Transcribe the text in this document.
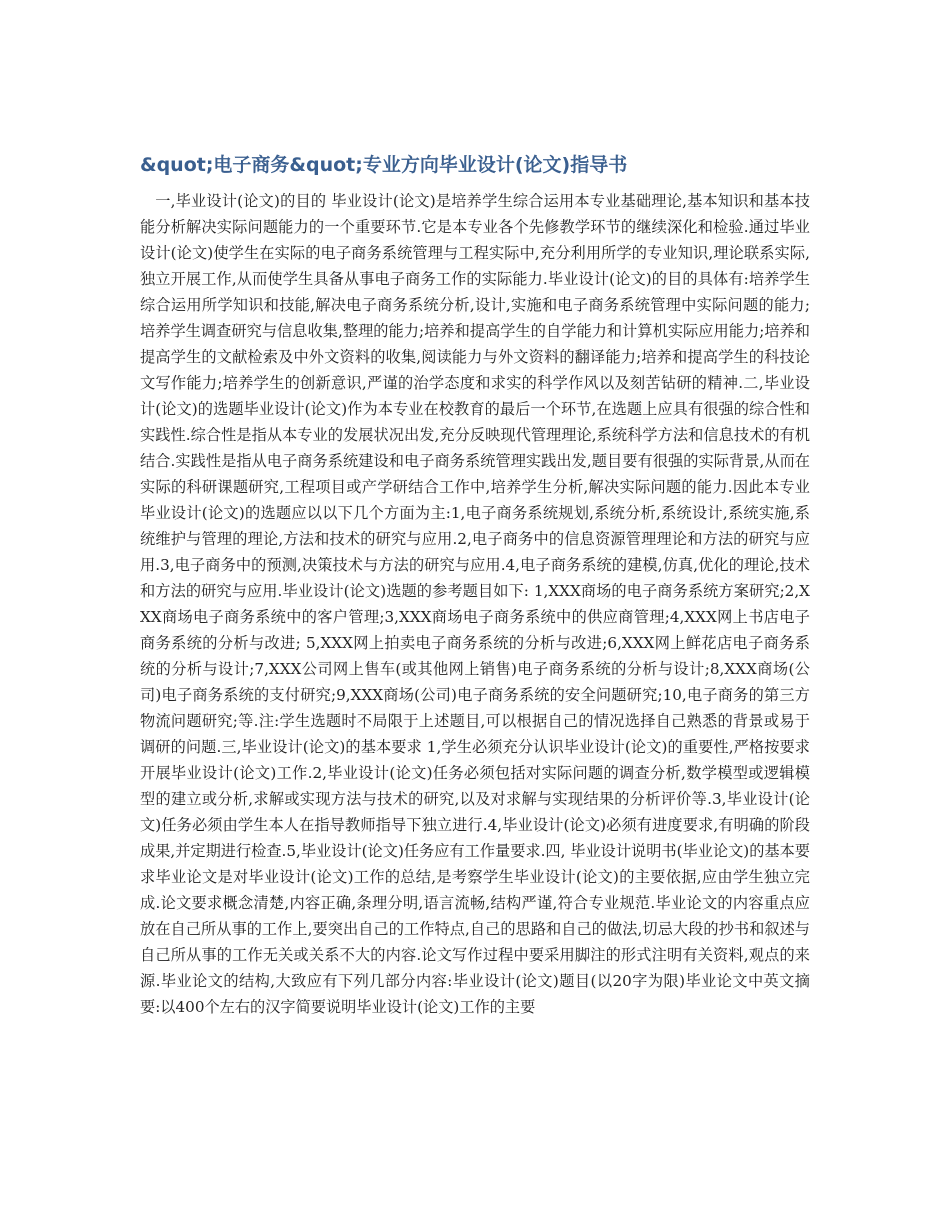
&quot;电子商务&quot;专业方向毕业设计(论文)指导书

一,毕业设计(论文)的目的 毕业设计(论文)是培养学生综合运用本专业基础理论,基本知识和基本技能分析解决实际问题能力的一个重要环节.它是本专业各个先修教学环节的继续深化和检验.通过毕业设计(论文)使学生在实际的电子商务系统管理与工程实际中,充分利用所学的专业知识,理论联系实际,独立开展工作,从而使学生具备从事电子商务工作的实际能力.毕业设计(论文)的目的具体有:培养学生综合运用所学知识和技能,解决电子商务系统分析,设计,实施和电子商务系统管理中实际问题的能力;培养学生调查研究与信息收集,整理的能力;培养和提高学生的自学能力和计算机实际应用能力;培养和提高学生的文献检索及中外文资料的收集,阅读能力与外文资料的翻译能力;培养和提高学生的科技论文写作能力;培养学生的创新意识,严谨的治学态度和求实的科学作风以及刻苦钻研的精神.二,毕业设计(论文)的选题毕业设计(论文)作为本专业在校教育的最后一个环节,在选题上应具有很强的综合性和实践性.综合性是指从本专业的发展状况出发,充分反映现代管理理论,系统科学方法和信息技术的有机结合.实践性是指从电子商务系统建设和电子商务系统管理实践出发,题目要有很强的实际背景,从而在实际的科研课题研究,工程项目或产学研结合工作中,培养学生分析,解决实际问题的能力.因此本专业毕业设计(论文)的选题应以以下几个方面为主:1,电子商务系统规划,系统分析,系统设计,系统实施,系统维护与管理的理论,方法和技术的研究与应用.2,电子商务中的信息资源管理理论和方法的研究与应用.3,电子商务中的预测,决策技术与方法的研究与应用.4,电子商务系统的建模,仿真,优化的理论,技术和方法的研究与应用.毕业设计(论文)选题的参考题目如下: 1,XXX商场的电子商务系统方案研究;2,XXX商场电子商务系统中的客户管理;3,XXX商场电子商务系统中的供应商管理;4,XXX网上书店电子商务系统的分析与改进; 5,XXX网上拍卖电子商务系统的分析与改进;6,XXX网上鲜花店电子商务系统的分析与设计;7,XXX公司网上售车(或其他网上销售)电子商务系统的分析与设计;8,XXX商场(公司)电子商务系统的支付研究;9,XXX商场(公司)电子商务系统的安全问题研究;10,电子商务的第三方物流问题研究;等.注:学生选题时不局限于上述题目,可以根据自己的情况选择自己熟悉的背景或易于调研的问题.三,毕业设计(论文)的基本要求 1,学生必须充分认识毕业设计(论文)的重要性,严格按要求开展毕业设计(论文)工作.2,毕业设计(论文)任务必须包括对实际问题的调查分析,数学模型或逻辑模型的建立或分析,求解或实现方法与技术的研究,以及对求解与实现结果的分析评价等.3,毕业设计(论文)任务必须由学生本人在指导教师指导下独立进行.4,毕业设计(论文)必须有进度要求,有明确的阶段成果,并定期进行检查.5,毕业设计(论文)任务应有工作量要求.四, 毕业设计说明书(毕业论文)的基本要求毕业论文是对毕业设计(论文)工作的总结,是考察学生毕业设计(论文)的主要依据,应由学生独立完成.论文要求概念清楚,内容正确,条理分明,语言流畅,结构严谨,符合专业规范.毕业论文的内容重点应放在自己所从事的工作上,要突出自己的工作特点,自己的思路和自己的做法,切忌大段的抄书和叙述与自己所从事的工作无关或关系不大的内容.论文写作过程中要采用脚注的形式注明有关资料,观点的来源.毕业论文的结构,大致应有下列几部分内容:毕业设计(论文)题目(以20字为限)毕业论文中英文摘要:以400个左右的汉字简要说明毕业设计(论文)工作的主要
